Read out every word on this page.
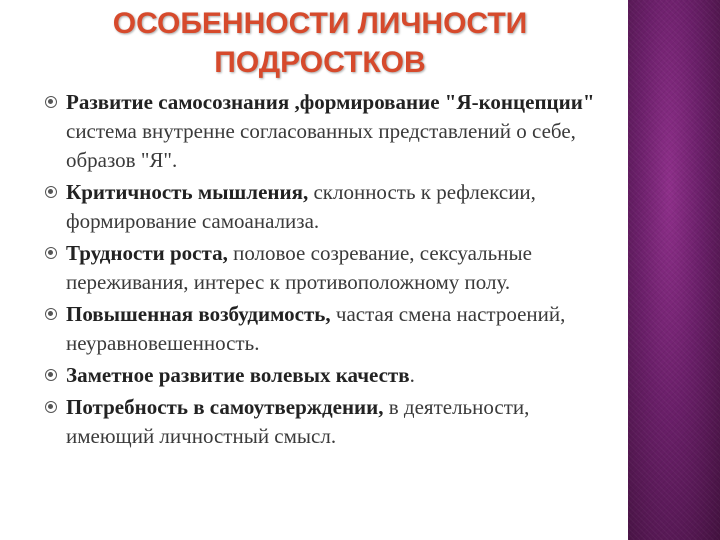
ОСОБЕННОСТИ ЛИЧНОСТИ
ПОДРОСТКОВ
Развитие самосознания ,формирование "Я-концепции" система внутренне согласованных представлений о себе, образов "Я".
Критичность мышления, склонность к рефлексии, формирование самоанализа.
Трудности роста, половое созревание, сексуальные переживания, интерес к противоположному полу.
Повышенная возбудимость, частая смена настроений, неуравновешенность.
Заметное развитие волевых качеств.
Потребность в самоутверждении, в деятельности, имеющий личностный смысл.
